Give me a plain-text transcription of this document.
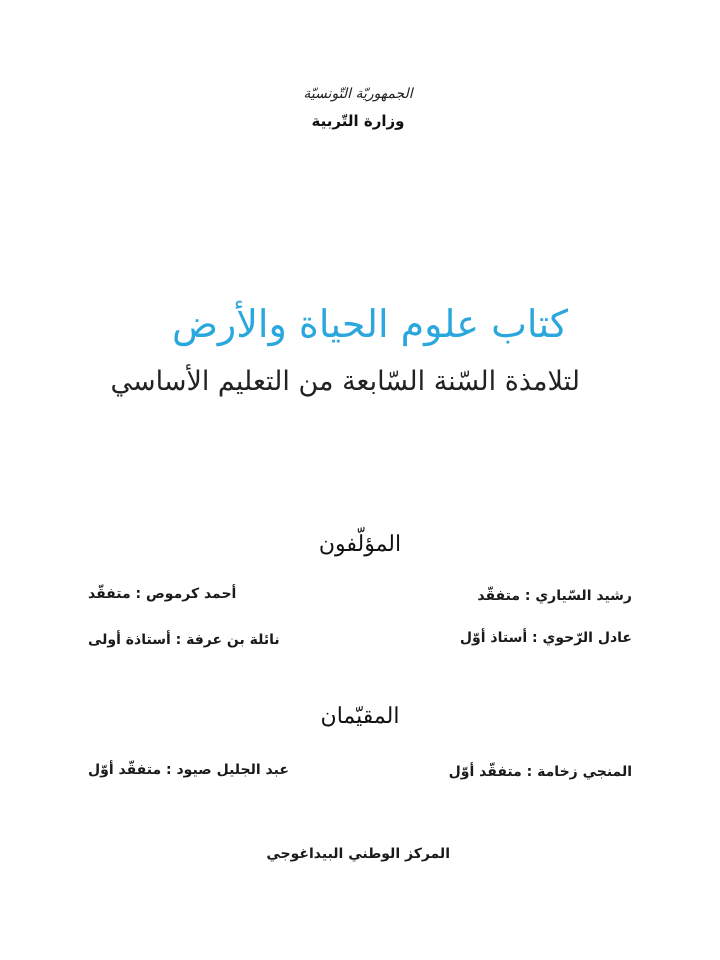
الجمهوريّة التّونسيّة
وزارة التّربية
كتاب علوم الحياة والأرض
لتلامذة السّنة السّابعة من التعليم الأساسي
المؤلّفون
رشيد السّياري : متفقّد
أحمد كرموص : متفقّد
عادل الرّحوي : أستاذ أوّل
نائلة بن عرفة : أستاذة أولى
المقيّمان
المنجي زخامة : متفقّد أوّل
عبد الجليل صيود : متفقّد أوّل
المركز الوطني البيداغوجي
